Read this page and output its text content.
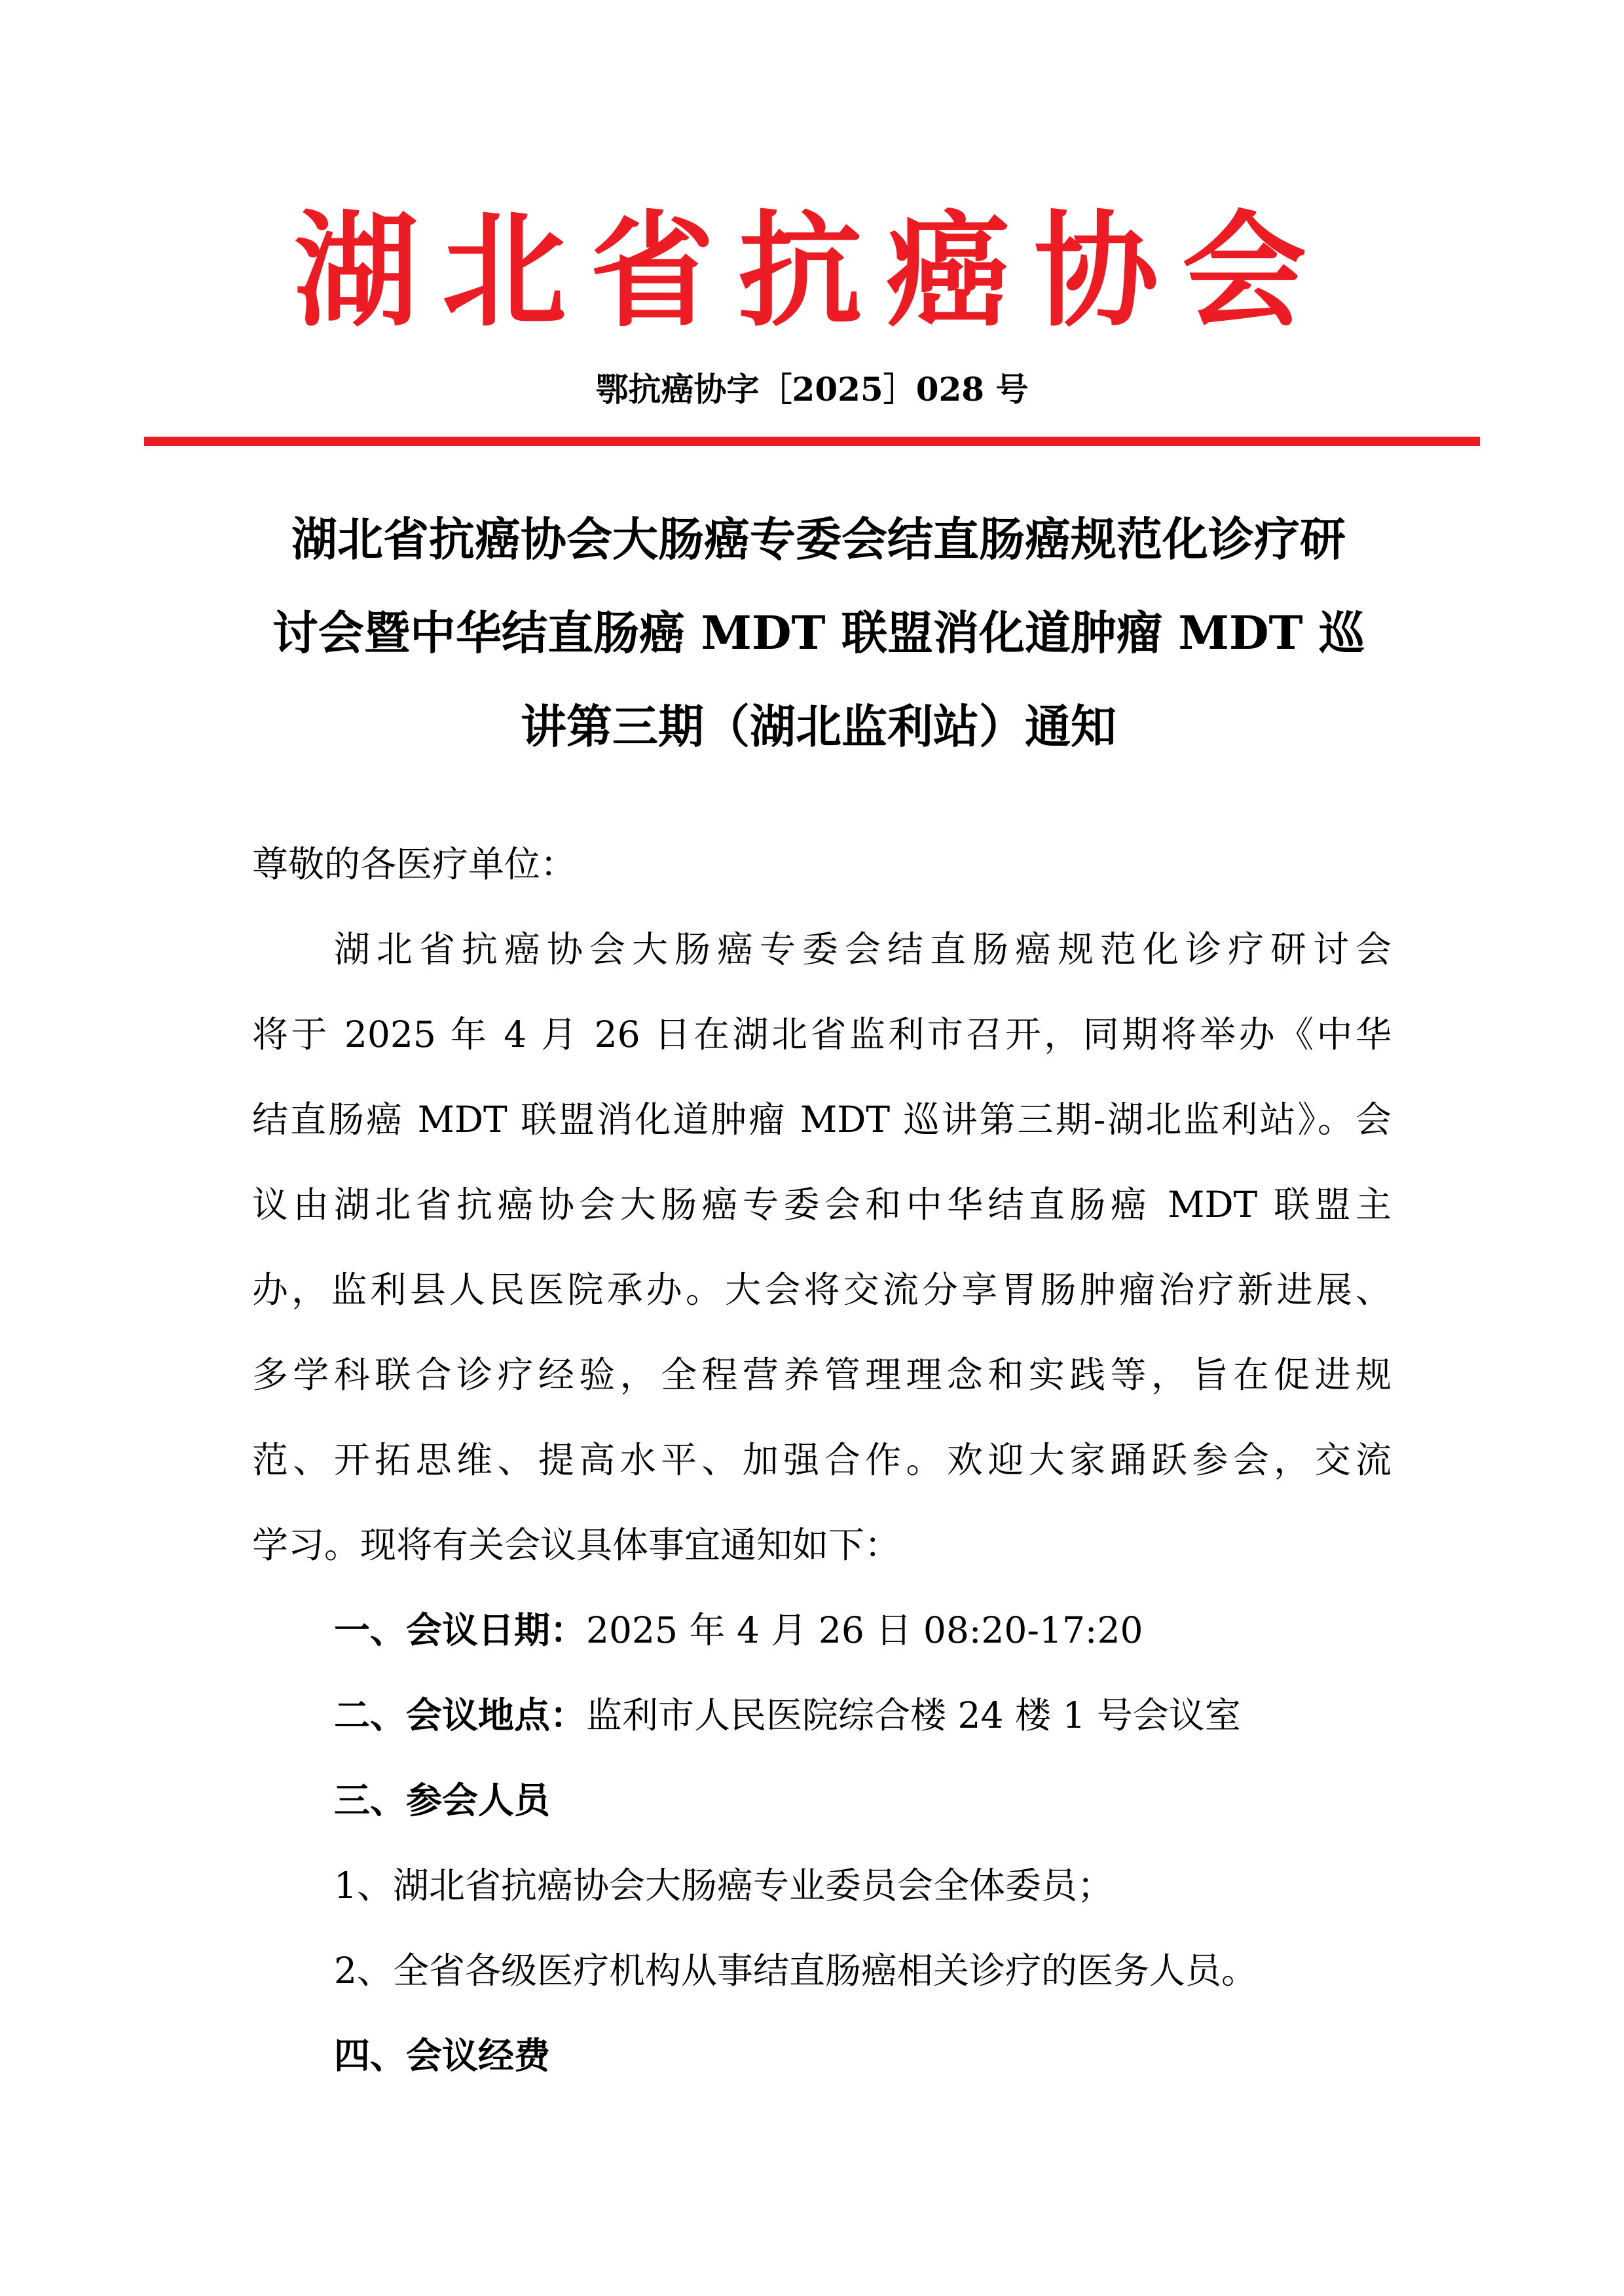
湖北省抗癌协会
鄂抗癌协字［2025］028 号
湖北省抗癌协会大肠癌专委会结直肠癌规范化诊疗研
讨会暨中华结直肠癌 MDT 联盟消化道肿瘤 MDT 巡
讲第三期（湖北监利站）通知
尊敬的各医疗单位：
湖北省抗癌协会大肠癌专委会结直肠癌规范化诊疗研讨会
将于 2025 年 4 月 26 日在湖北省监利市召开，同期将举办《中华
结直肠癌 MDT 联盟消化道肿瘤 MDT 巡讲第三期-湖北监利站》。会
议由湖北省抗癌协会大肠癌专委会和中华结直肠癌 MDT 联盟主
办，监利县人民医院承办。大会将交流分享胃肠肿瘤治疗新进展、
多学科联合诊疗经验，全程营养管理理念和实践等，旨在促进规
范、开拓思维、提高水平、加强合作。欢迎大家踊跃参会，交流
学习。现将有关会议具体事宜通知如下：
一、会议日期：2025 年 4 月 26 日 08:20-17:20
二、会议地点：监利市人民医院综合楼 24 楼 1 号会议室
三、参会人员
1、湖北省抗癌协会大肠癌专业委员会全体委员；
2、全省各级医疗机构从事结直肠癌相关诊疗的医务人员。
四、会议经费
